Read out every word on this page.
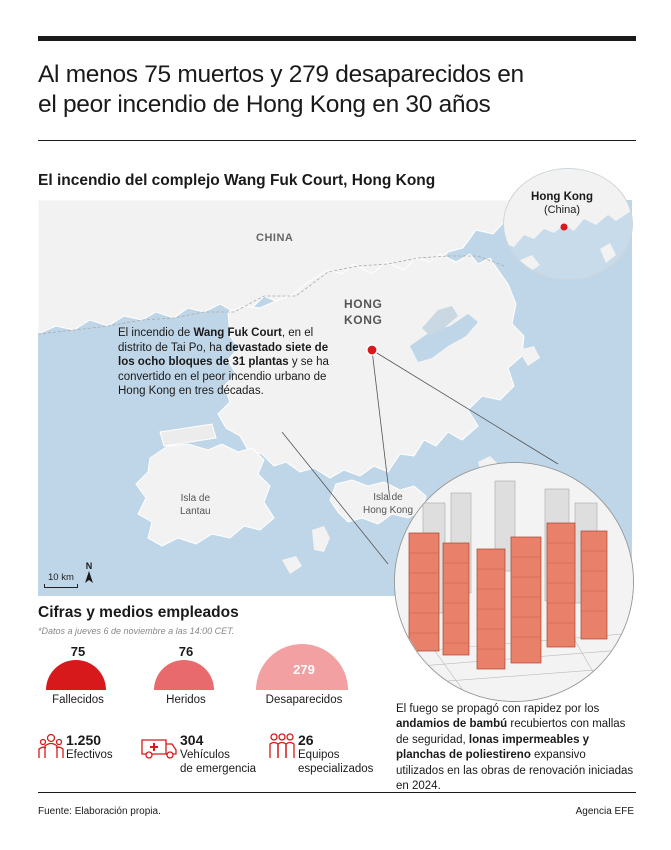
Al menos 75 muertos y 279 desaparecidos en
el peor incendio de Hong Kong en 30 años
El incendio del complejo Wang Fuk Court, Hong Kong
CHINA
HONG
KONG
Isla de
Lantau
Isla de
Hong Kong
El incendio de Wang Fuk Court, en el distrito de Tai Po, ha devastado siete de los ocho bloques de 31 plantas y se ha convertido en el peor incendio urbano de Hong Kong en tres décadas.
10 km
N

Hong Kong
(China)
Cifras y medios empleados
*Datos a jueves 6 de noviembre a las 14:00 CET.
75	76
279
Fallecidos	Heridos	Desaparecidos
1.250
Efectivos
304
Vehículos
de emergencia
26
Equipos
especializados
El fuego se propagó con rapidez por los andamios de bambú recubiertos con mallas de seguridad, lonas impermeables y planchas de poliestireno expansivo utilizados en las obras de renovación iniciadas en 2024.
Fuente: Elaboración propia.	Agencia EFE
